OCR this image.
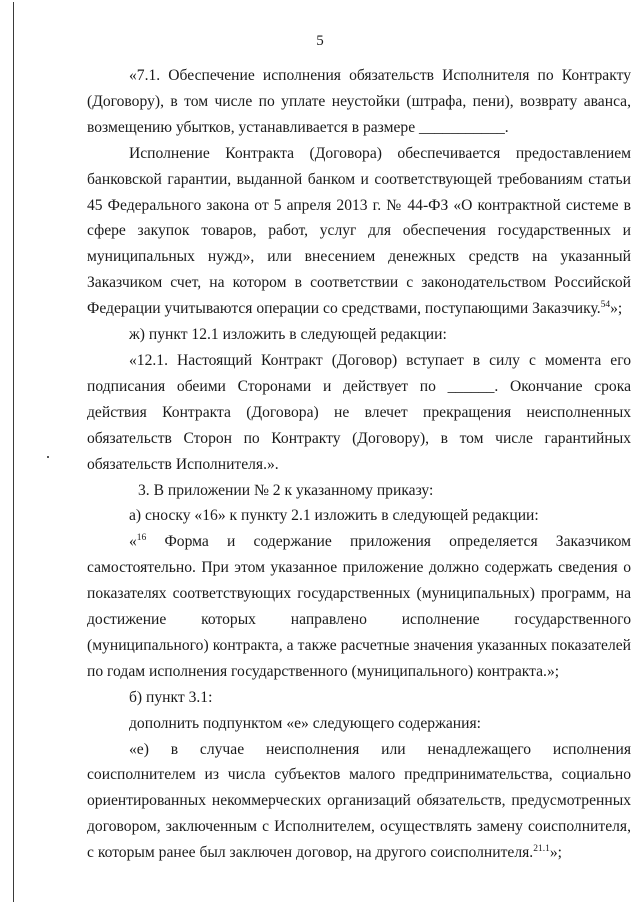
5

«7.1. Обеспечение исполнения обязательств Исполнителя по Контракту (Договору), в том числе по уплате неустойки (штрафа, пени), возврату аванса, возмещению убытков, устанавливается в размере ___________.

Исполнение Контракта (Договора) обеспечивается предоставлением банковской гарантии, выданной банком и соответствующей требованиям статьи 45 Федерального закона от 5 апреля 2013 г. № 44-ФЗ «О контрактной системе в сфере закупок товаров, работ, услуг для обеспечения государственных и муниципальных нужд», или внесением денежных средств на указанный Заказчиком счет, на котором в соответствии с законодательством Российской Федерации учитываются операции со средствами, поступающими Заказчику.$^{54}$»;

ж) пункт 12.1 изложить в следующей редакции:

«12.1. Настоящий Контракт (Договор) вступает в силу с момента его подписания обеими Сторонами и действует по ______. Окончание срока действия Контракта (Договора) не влечет прекращения неисполненных обязательств Сторон по Контракту (Договору), в том числе гарантийных обязательств Исполнителя.».

3. В приложении № 2 к указанному приказу:

а) сноску «16» к пункту 2.1 изложить в следующей редакции:

«$^{16}$ Форма и содержание приложения определяется Заказчиком самостоятельно. При этом указанное приложение должно содержать сведения о показателях соответствующих государственных (муниципальных) программ, на достижение которых направлено исполнение государственного (муниципального) контракта, а также расчетные значения указанных показателей по годам исполнения государственного (муниципального) контракта.»;

б) пункт 3.1:

дополнить подпунктом «е» следующего содержания:

«е) в случае неисполнения или ненадлежащего исполнения соисполнителем из числа субъектов малого предпринимательства, социально ориентированных некоммерческих организаций обязательств, предусмотренных договором, заключенным с Исполнителем, осуществлять замену соисполнителя, с которым ранее был заключен договор, на другого соисполнителя.$^{21.1}$»;
